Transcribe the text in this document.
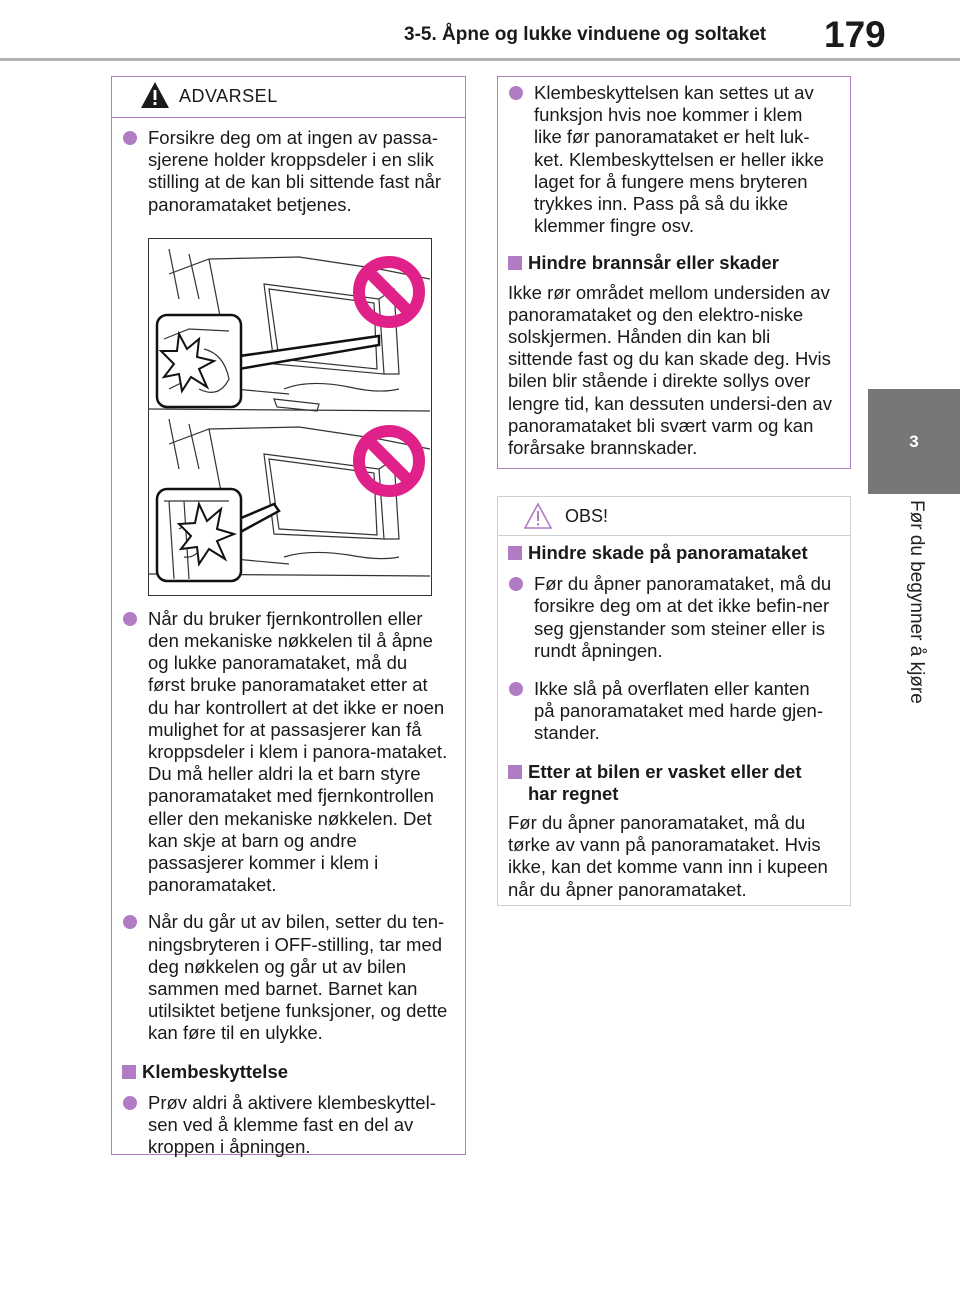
3-5. Åpne og lukke vinduene og soltaket 179
3
Før du begynner å kjøre
ADVARSEL
Forsikre deg om at ingen av passa-sjerene holder kroppsdeler i en slik stilling at de kan bli sittende fast når panoramataket betjenes.
Når du bruker fjernkontrollen eller den mekaniske nøkkelen til å åpne og lukke panoramataket, må du først bruke panoramataket etter at du har kontrollert at det ikke er noen mulighet for at passasjerer kan få kroppsdeler i klem i panora-mataket. Du må heller aldri la et barn styre panoramataket med fjernkontrollen eller den mekaniske nøkkelen. Det kan skje at barn og andre passasjerer kommer i klem i panoramataket.
Når du går ut av bilen, setter du ten-ningsbryteren i OFF-stilling, tar med deg nøkkelen og går ut av bilen sammen med barnet. Barnet kan utilsiktet betjene funksjoner, og dette kan føre til en ulykke.
Klembeskyttelse
Prøv aldri å aktivere klembeskyttel-sen ved å klemme fast en del av kroppen i åpningen.
Klembeskyttelsen kan settes ut av funksjon hvis noe kommer i klem like før panoramataket er helt luk-ket. Klembeskyttelsen er heller ikke laget for å fungere mens bryteren trykkes inn. Pass på så du ikke klemmer fingre osv.
Hindre brannsår eller skader
Ikke rør området mellom undersiden av panoramataket og den elektro-niske solskjermen. Hånden din kan bli sittende fast og du kan skade deg. Hvis bilen blir stående i direkte sollys over lengre tid, kan dessuten undersi-den av panoramataket bli svært varm og kan forårsake brannskader.
OBS!
Hindre skade på panoramataket
Før du åpner panoramataket, må du forsikre deg om at det ikke befin-ner seg gjenstander som steiner eller is rundt åpningen.
Ikke slå på overflaten eller kanten på panoramataket med harde gjen-stander.
Etter at bilen er vasket eller det har regnet
Før du åpner panoramataket, må du tørke av vann på panoramataket. Hvis ikke, kan det komme vann inn i kupeen når du åpner panoramataket.
